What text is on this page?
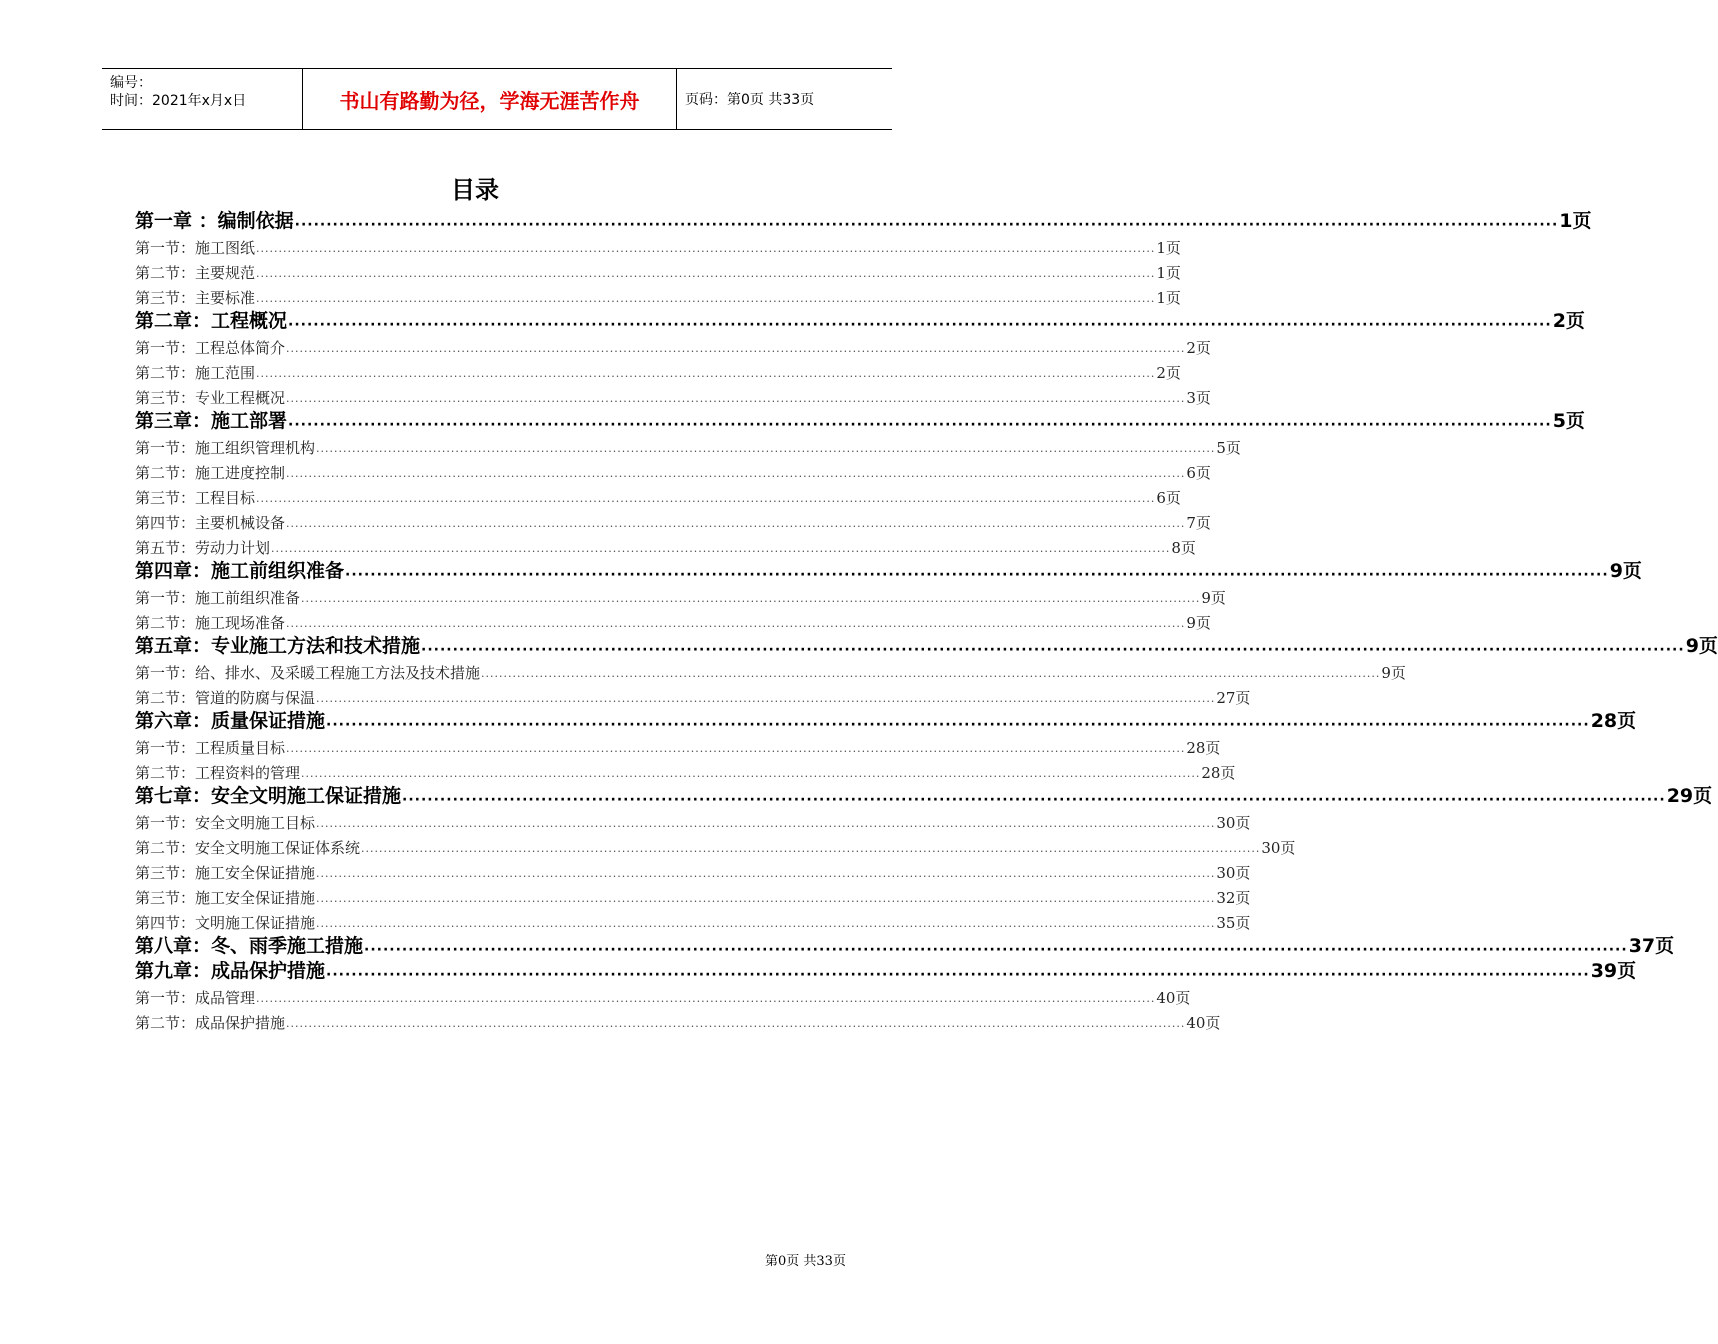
编号：
时间：2021年x月x日	书山有路勤为径，学海无涯苦作舟	页码：第0页 共33页
目录
第一章 ：编制依据 ········································································································································································································ 1页
第一节：施工图纸 ········································································································································································································ 1页
第二节：主要规范 ········································································································································································································ 1页
第三节：主要标准 ········································································································································································································ 1页
第二章：工程概况 ········································································································································································································ 2页
第一节：工程总体简介 ········································································································································································································ 2页
第二节：施工范围 ········································································································································································································ 2页
第三节：专业工程概况 ········································································································································································································ 3页
第三章：施工部署 ········································································································································································································ 5页
第一节：施工组织管理机构 ········································································································································································································ 5页
第二节：施工进度控制 ········································································································································································································ 6页
第三节：工程目标 ········································································································································································································ 6页
第四节：主要机械设备 ········································································································································································································ 7页
第五节：劳动力计划 ········································································································································································································ 8页
第四章：施工前组织准备 ········································································································································································································ 9页
第一节：施工前组织准备 ········································································································································································································ 9页
第二节：施工现场准备 ········································································································································································································ 9页
第五章：专业施工方法和技术措施 ········································································································································································································ 9页
第一节：给、排水、及采暖工程施工方法及技术措施 ········································································································································································································ 9页
第二节：管道的防腐与保温 ········································································································································································································ 27页
第六章：质量保证措施 ········································································································································································································ 28页
第一节：工程质量目标 ········································································································································································································ 28页
第二节：工程资料的管理 ········································································································································································································ 28页
第七章：安全文明施工保证措施 ········································································································································································································ 29页
第一节：安全文明施工目标 ········································································································································································································ 30页
第二节：安全文明施工保证体系统 ········································································································································································································ 30页
第三节：施工安全保证措施 ········································································································································································································ 30页
第三节：施工安全保证措施 ········································································································································································································ 32页
第四节：文明施工保证措施 ········································································································································································································ 35页
第八章：冬、雨季施工措施 ········································································································································································································ 37页
第九章：成品保护措施 ········································································································································································································ 39页
第一节：成品管理 ········································································································································································································ 40页
第二节：成品保护措施 ········································································································································································································ 40页
第0页 共33页
